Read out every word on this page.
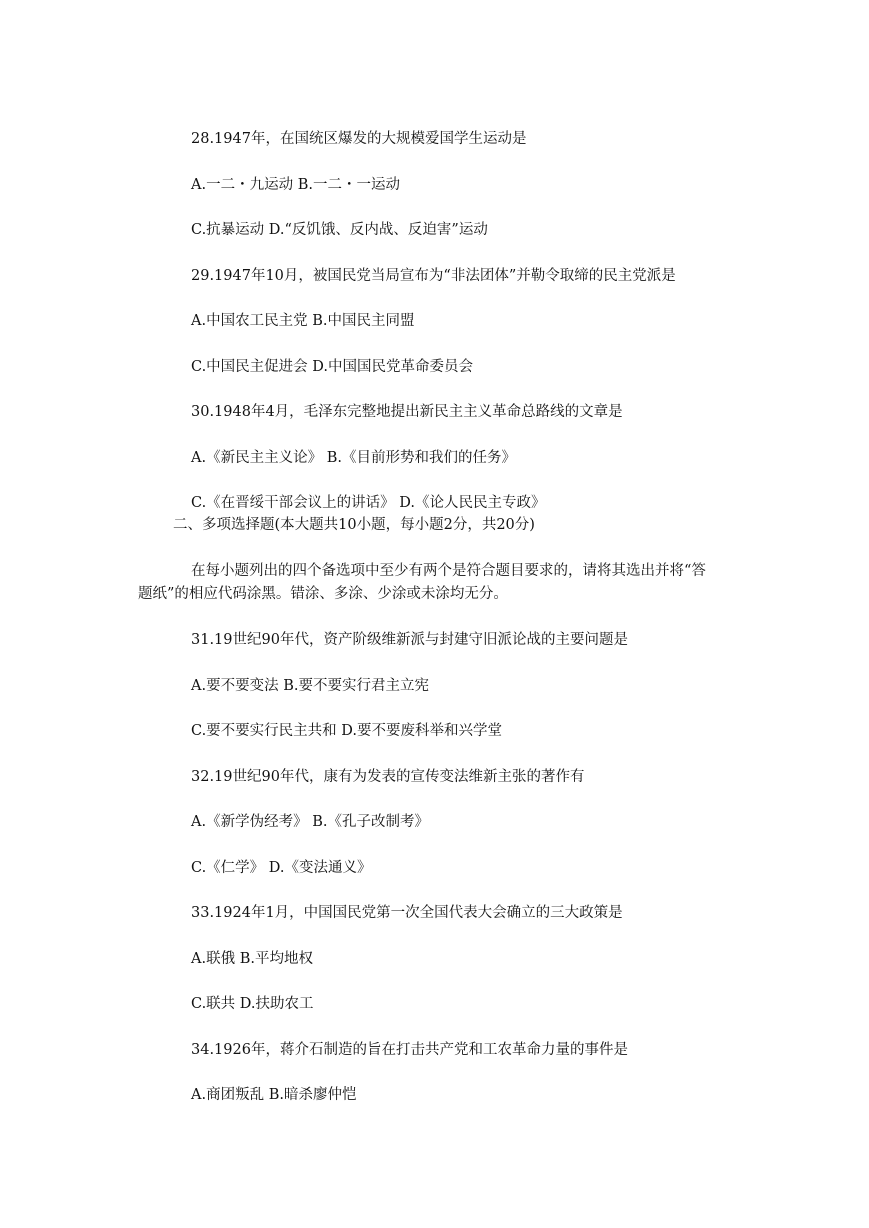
28.1947年，在国统区爆发的大规模爱国学生运动是
A.一二・九运动 B.一二・一运动
C.抗暴运动 D.“反饥饿、反内战、反迫害”运动
29.1947年10月，被国民党当局宣布为“非法团体”并勒令取缔的民主党派是
A.中国农工民主党 B.中国民主同盟
C.中国民主促进会 D.中国国民党革命委员会
30.1948年4月，毛泽东完整地提出新民主主义革命总路线的文章是
A.《新民主主义论》 B.《目前形势和我们的任务》
C.《在晋绥干部会议上的讲话》 D.《论人民民主专政》
二、多项选择题(本大题共10小题，每小题2分，共20分)
在每小题列出的四个备选项中至少有两个是符合题目要求的，请将其选出并将“答
题纸”的相应代码涂黑。错涂、多涂、少涂或未涂均无分。
31.19世纪90年代，资产阶级维新派与封建守旧派论战的主要问题是
A.要不要变法 B.要不要实行君主立宪
C.要不要实行民主共和 D.要不要废科举和兴学堂
32.19世纪90年代，康有为发表的宣传变法维新主张的著作有
A.《新学伪经考》 B.《孔子改制考》
C.《仁学》 D.《变法通义》
33.1924年1月，中国国民党第一次全国代表大会确立的三大政策是
A.联俄 B.平均地权
C.联共 D.扶助农工
34.1926年，蒋介石制造的旨在打击共产党和工农革命力量的事件是
A.商团叛乱 B.暗杀廖仲恺
